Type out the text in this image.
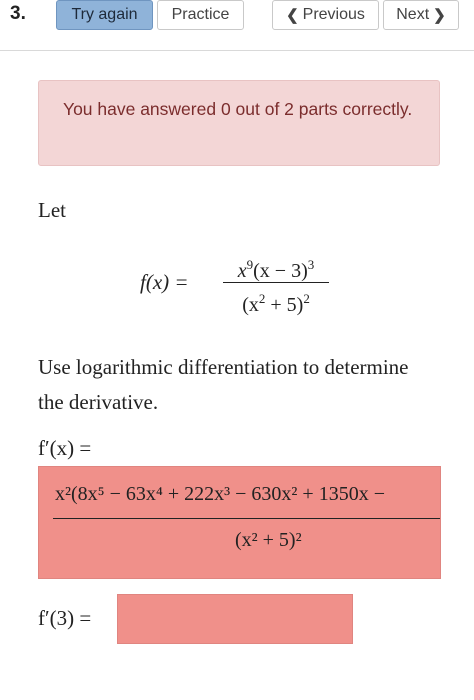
3.	Try again Practice	❮ Previous Next ❯
You have answered 0 out of 2 parts correctly.
Let
f(x) =	$x^9(x - 3)^3$
$(x^2 + 5)^2$
Use logarithmic differentiation to determine the derivative.
f′(x) =
x²(8x⁵ − 63x⁴ + 222x³ − 630x² + 1350x −
(x² + 5)²
f′(3) =
